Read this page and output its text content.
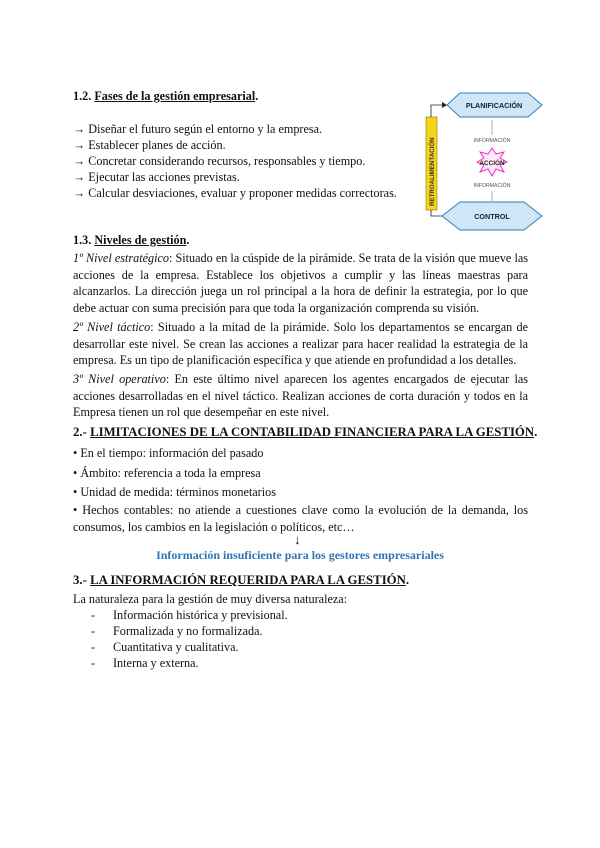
1.2. Fases de la gestión empresarial.
→ Diseñar el futuro según el entorno y la empresa.
→ Establecer planes de acción.
→ Concretar considerando recursos, responsables y tiempo.
→ Ejecutar las acciones previstas.
→ Calcular desviaciones, evaluar y proponer medidas correctoras.	RETROALIMENTACIÓN
PLANIFICACIÓN
INFORMACIÓN
ACCIÓN
INFORMACIÓN
CONTROL
1.3. Niveles de gestión.
1º Nivel estratégico: Situado en la cúspide de la pirámide. Se trata de la visión que mueve las acciones de la empresa. Establece los objetivos a cumplir y las líneas maestras para alcanzarlos. La dirección juega un rol principal a la hora de definir la estrategia, por lo que debe actuar con suma precisión para que toda la organización comprenda su visión.
2º Nivel táctico: Situado a la mitad de la pirámide. Solo los departamentos se encargan de desarrollar este nivel. Se crean las acciones a realizar para hacer realidad la estrategia de la empresa. Es un tipo de planificación específica y que atiende en profundidad a los detalles.
3º Nivel operativo: En este último nivel aparecen los agentes encargados de ejecutar las acciones desarrolladas en el nivel táctico. Realizan acciones de corta duración y todos en la Empresa tienen un rol que desempeñar en este nivel.
2.- LIMITACIONES DE LA CONTABILIDAD FINANCIERA PARA LA GESTIÓN.
• En el tiempo: información del pasado
• Ámbito: referencia a toda la empresa
• Unidad de medida: términos monetarios
• Hechos contables: no atiende a cuestiones clave como la evolución de la demanda, los consumos, los cambios en la legislación o políticos, etc…
↓
Información insuficiente para los gestores empresariales
3.- LA INFORMACIÓN REQUERIDA PARA LA GESTIÓN.
La naturaleza para la gestión de muy diversa naturaleza:
- Información histórica y previsional.
- Formalizada y no formalizada.
- Cuantitativa y cualitativa.
- Interna y externa.
